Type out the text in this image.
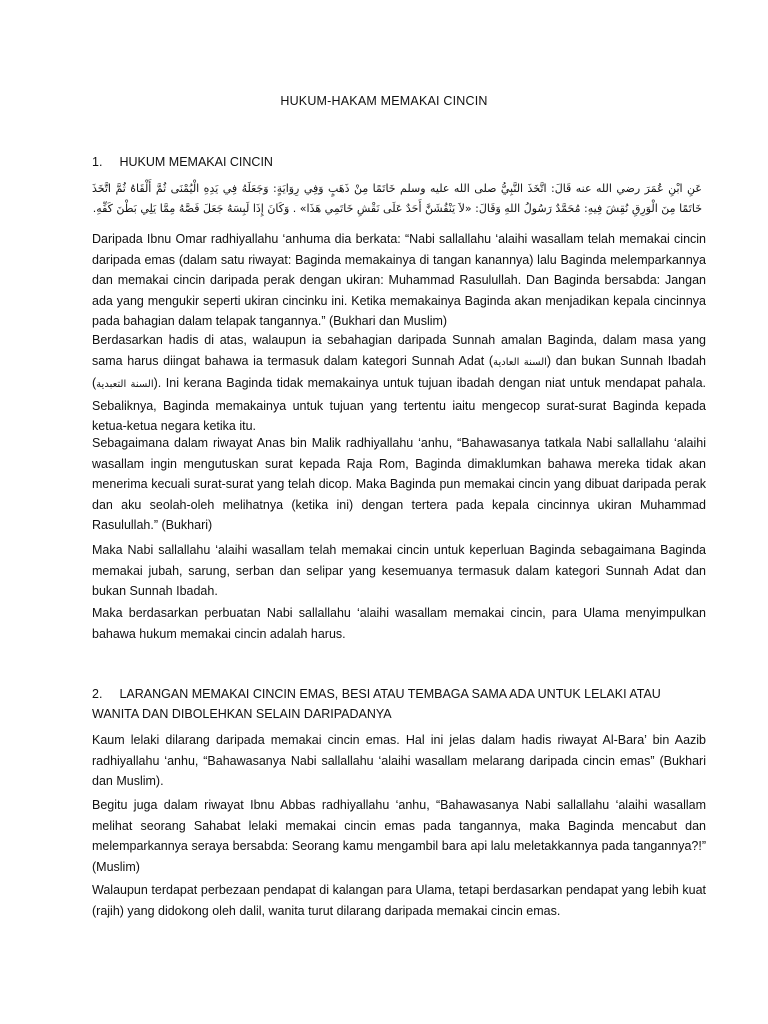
HUKUM-HAKAM MEMAKAI CINCIN
1. HUKUM MEMAKAI CINCIN
عَنِ ابْنِ عُمَرَ رضي الله عنه قَالَ: اتَّخَذَ النَّبِيُّ صلى الله عليه وسلم خَاتَمًا مِنْ ذَهَبٍ وَفِي رِوَايَةٍ: وَجَعَلَهُ فِي يَدِهِ الْيُمْنَى ثُمَّ أَلْقَاهُ ثُمَّ اتَّخَذَ خَاتَمًا مِنَ الْوَرِقِ نُقِشَ فِيهِ: مُحَمَّدٌ رَسُولُ اللهِ وَقَالَ: «لاَ يَنْقُشَنَّ أَحَدٌ عَلَى نَقْشِ خَاتَمِي هَذَا» . وَكَانَ إِذَا لَبِسَهُ جَعَلَ فَصَّهُ مِمَّا يَلِي بَطْنَ كَفِّهِ.
Daripada Ibnu Omar radhiyallahu ‘anhuma dia berkata: “Nabi sallallahu ‘alaihi wasallam telah memakai cincin daripada emas (dalam satu riwayat: Baginda memakainya di tangan kanannya) lalu Baginda melemparkannya dan memakai cincin daripada perak dengan ukiran: Muhammad Rasulullah. Dan Baginda bersabda: Jangan ada yang mengukir seperti ukiran cincinku ini. Ketika memakainya Baginda akan menjadikan kepala cincinnya pada bahagian dalam telapak tangannya.” (Bukhari dan Muslim)
Berdasarkan hadis di atas, walaupun ia sebahagian daripada Sunnah amalan Baginda, dalam masa yang sama harus diingat bahawa ia termasuk dalam kategori Sunnah Adat (السنة العادية) dan bukan Sunnah Ibadah (السنة التعبدية). Ini kerana Baginda tidak memakainya untuk tujuan ibadah dengan niat untuk mendapat pahala. Sebaliknya, Baginda memakainya untuk tujuan yang tertentu iaitu mengecop surat-surat Baginda kepada ketua-ketua negara ketika itu.
Sebagaimana dalam riwayat Anas bin Malik radhiyallahu ‘anhu, “Bahawasanya tatkala Nabi sallallahu ‘alaihi wasallam ingin mengutuskan surat kepada Raja Rom, Baginda dimaklumkan bahawa mereka tidak akan menerima kecuali surat-surat yang telah dicop. Maka Baginda pun memakai cincin yang dibuat daripada perak dan aku seolah-oleh melihatnya (ketika ini) dengan tertera pada kepala cincinnya ukiran Muhammad Rasulullah.” (Bukhari)
Maka Nabi sallallahu ‘alaihi wasallam telah memakai cincin untuk keperluan Baginda sebagaimana Baginda memakai jubah, sarung, serban dan selipar yang kesemuanya termasuk dalam kategori Sunnah Adat dan bukan Sunnah Ibadah.
Maka berdasarkan perbuatan Nabi sallallahu ‘alaihi wasallam memakai cincin, para Ulama menyimpulkan bahawa hukum memakai cincin adalah harus.
2. LARANGAN MEMAKAI CINCIN EMAS, BESI ATAU TEMBAGA SAMA ADA UNTUK LELAKI ATAU WANITA DAN DIBOLEHKAN SELAIN DARIPADANYA
Kaum lelaki dilarang daripada memakai cincin emas. Hal ini jelas dalam hadis riwayat Al-Bara’ bin Aazib radhiyallahu ‘anhu, “Bahawasanya Nabi sallallahu ‘alaihi wasallam melarang daripada cincin emas” (Bukhari dan Muslim).
Begitu juga dalam riwayat Ibnu Abbas radhiyallahu ‘anhu, “Bahawasanya Nabi sallallahu ‘alaihi wasallam melihat seorang Sahabat lelaki memakai cincin emas pada tangannya, maka Baginda mencabut dan melemparkannya seraya bersabda: Seorang kamu mengambil bara api lalu meletakkannya pada tangannya?!” (Muslim)
Walaupun terdapat perbezaan pendapat di kalangan para Ulama, tetapi berdasarkan pendapat yang lebih kuat (rajih) yang didokong oleh dalil, wanita turut dilarang daripada memakai cincin emas.
